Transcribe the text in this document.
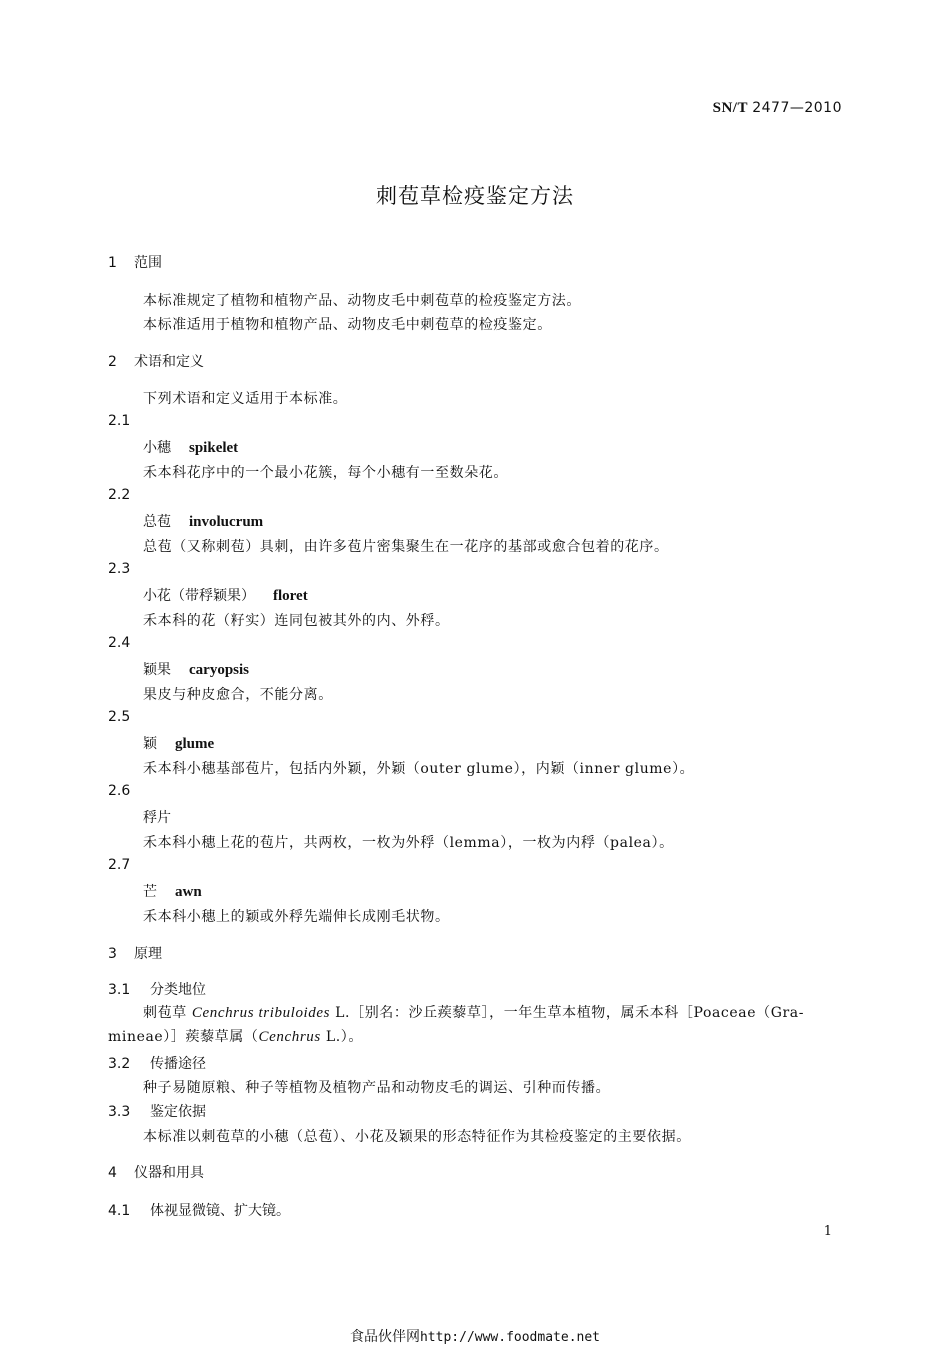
SN/T 2477—2010
刺苞草检疫鉴定方法
1 范围
本标准规定了植物和植物产品、动物皮毛中刺苞草的检疫鉴定方法。
本标准适用于植物和植物产品、动物皮毛中刺苞草的检疫鉴定。
2 术语和定义
下列术语和定义适用于本标准。
2.1
小穗 spikelet
禾本科花序中的一个最小花簇，每个小穗有一至数朵花。
2.2
总苞 involucrum
总苞（又称刺苞）具刺，由许多苞片密集聚生在一花序的基部或愈合包着的花序。
2.3
小花（带稃颖果） floret
禾本科的花（籽实）连同包被其外的内、外稃。
2.4
颖果 caryopsis
果皮与种皮愈合，不能分离。
2.5
颖 glume
禾本科小穗基部苞片，包括内外颖，外颖（outer glume），内颖（inner glume）。
2.6
稃片
禾本科小穗上花的苞片，共两枚，一枚为外稃（lemma），一枚为内稃（palea）。
2.7
芒 awn
禾本科小穗上的颖或外稃先端伸长成刚毛状物。
3 原理
3.1 分类地位
刺苞草 Cenchrus tribuloides L.［别名：沙丘蒺藜草］，一年生草本植物，属禾本科［Poaceae（Gra-
mineae）］蒺藜草属（Cenchrus L.）。
3.2 传播途径
种子易随原粮、种子等植物及植物产品和动物皮毛的调运、引种而传播。
3.3 鉴定依据
本标准以刺苞草的小穗（总苞）、小花及颖果的形态特征作为其检疫鉴定的主要依据。
4 仪器和用具
4.1 体视显微镜、扩大镜。
1
食品伙伴网http://www.foodmate.net
